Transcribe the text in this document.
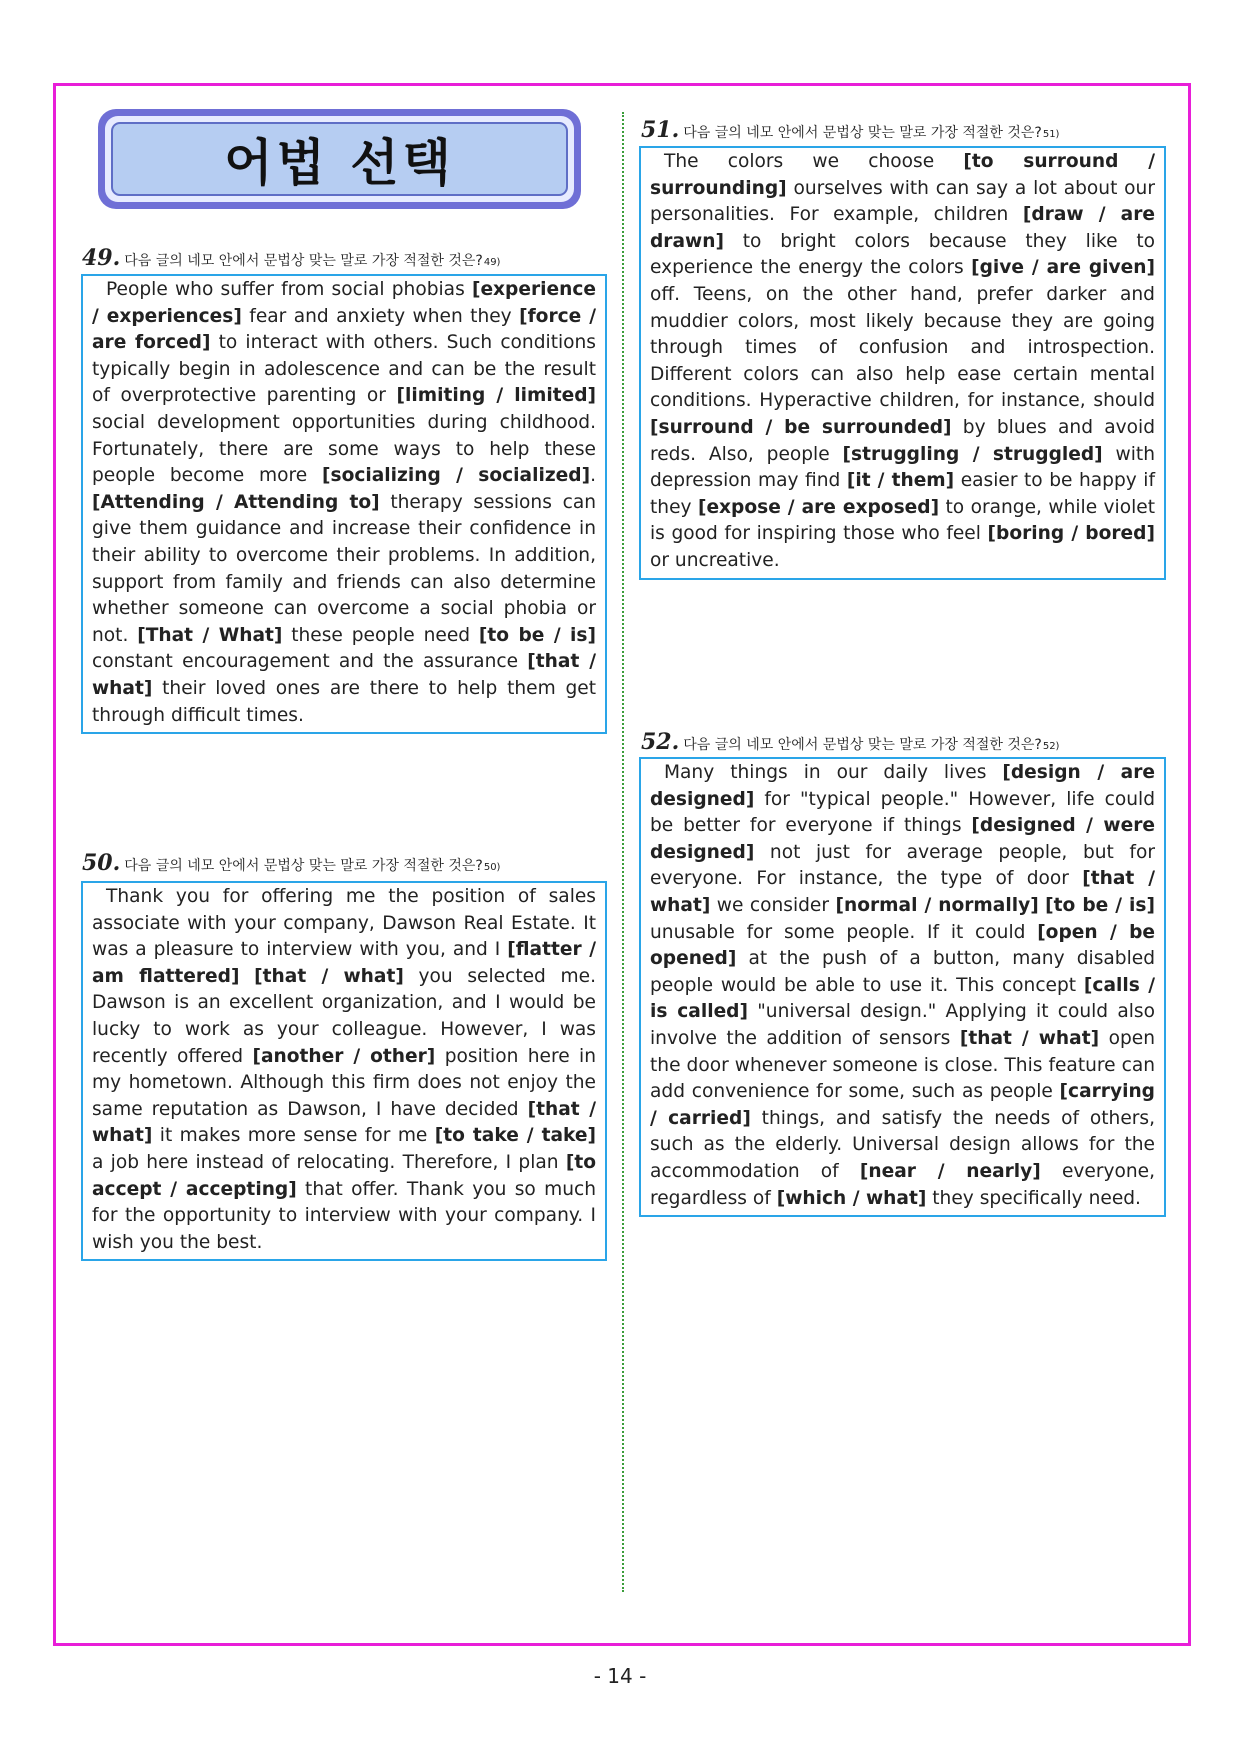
어법 선택
49. 다음 글의 네모 안에서 문법상 맞는 말로 가장 적절한 것은? 49)

People who suffer from social phobias [experience / experiences] fear and anxiety when they [force / are forced] to interact with others. Such conditions typically begin in adolescence and can be the result of overprotective parenting or [limiting / limited] social development opportunities during childhood. Fortunately, there are some ways to help these people become more [socializing / socialized]. [Attending / Attending to] therapy sessions can give them guidance and increase their confidence in their ability to overcome their problems. In addition, support from family and friends can also determine whether someone can overcome a social phobia or not. [That / What] these people need [to be / is] constant encouragement and the assurance [that / what] their loved ones are there to help them get through difficult times.

50. 다음 글의 네모 안에서 문법상 맞는 말로 가장 적절한 것은? 50)

Thank you for offering me the position of sales associate with your company, Dawson Real Estate. It was a pleasure to interview with you, and I [flatter / am flattered] [that / what] you selected me. Dawson is an excellent organization, and I would be lucky to work as your colleague. However, I was recently offered [another / other] position here in my hometown. Although this firm does not enjoy the same reputation as Dawson, I have decided [that / what] it makes more sense for me [to take / take] a job here instead of relocating. Therefore, I plan [to accept / accepting] that offer. Thank you so much for the opportunity to interview with your company. I wish you the best.

51. 다음 글의 네모 안에서 문법상 맞는 말로 가장 적절한 것은? 51)

The colors we choose [to surround / surrounding] ourselves with can say a lot about our personalities. For example, children [draw / are drawn] to bright colors because they like to experience the energy the colors [give / are given] off. Teens, on the other hand, prefer darker and muddier colors, most likely because they are going through times of confusion and introspection. Different colors can also help ease certain mental conditions. Hyperactive children, for instance, should [surround / be surrounded] by blues and avoid reds. Also, people [struggling / struggled] with depression may find [it / them] easier to be happy if they [expose / are exposed] to orange, while violet is good for inspiring those who feel [boring / bored] or uncreative.

52. 다음 글의 네모 안에서 문법상 맞는 말로 가장 적절한 것은? 52)

Many things in our daily lives [design / are designed] for "typical people." However, life could be better for everyone if things [designed / were designed] not just for average people, but for everyone. For instance, the type of door [that / what] we consider [normal / normally] [to be / is] unusable for some people. If it could [open / be opened] at the push of a button, many disabled people would be able to use it. This concept [calls / is called] "universal design." Applying it could also involve the addition of sensors [that / what] open the door whenever someone is close. This feature can add convenience for some, such as people [carrying / carried] things, and satisfy the needs of others, such as the elderly. Universal design allows for the accommodation of [near / nearly] everyone, regardless of [which / what] they specifically need.

- 14 -
